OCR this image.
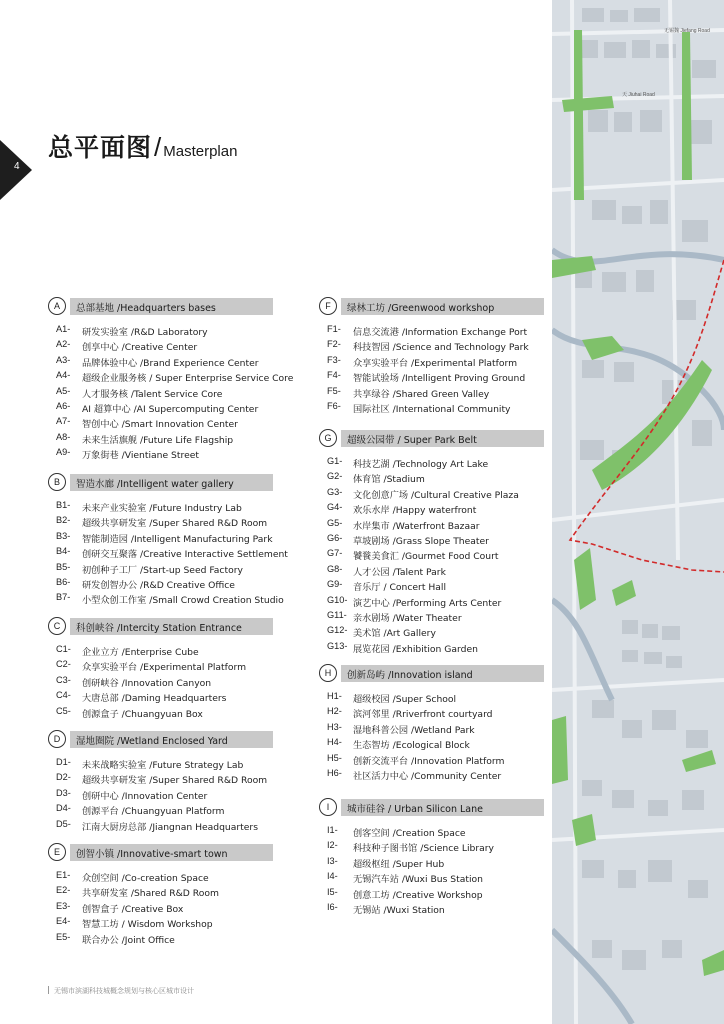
4
总平面图/ Masterplan
A	总部基地 /Headquarters bases
A1-	研发实验室 /R&D Laboratory
A2-	创享中心 /Creative Center
A3-	品牌体验中心 /Brand Experience Center
A4-	超级企业服务核 / Super Enterprise Service Core
A5-	人才服务核 /Talent Service Core
A6-	AI 超算中心 /AI Supercomputing Center
A7-	智创中心 /Smart Innovation Center
A8-	未来生活旗舰 /Future Life Flagship
A9-	万象街巷 /Vientiane Street
B	智造水廊 /Intelligent water gallery
B1-	未来产业实验室 /Future Industry Lab
B2-	超级共享研发室 /Super Shared R&D Room
B3-	智能制造园 /Intelligent Manufacturing Park
B4-	创研交互聚落 /Creative Interactive Settlement
B5-	初创种子工厂 /Start-up Seed Factory
B6-	研发创智办公 /R&D Creative Office
B7-	小型众创工作室 /Small Crowd Creation Studio
C	科创峡谷 /Intercity Station Entrance
C1-	企业立方 /Enterprise Cube
C2-	众享实验平台 /Experimental Platform
C3-	创研峡谷 /Innovation Canyon
C4-	大唐总部 /Daming Headquarters
C5-	创源盒子 /Chuangyuan Box
D	湿地圈院 /Wetland Enclosed Yard
D1-	未来战略实验室 /Future Strategy Lab
D2-	超级共享研发室 /Super Shared R&D Room
D3-	创研中心 /Innovation Center
D4-	创源平台 /Chuangyuan Platform
D5-	江南大厨房总部 /Jiangnan Headquarters
E	创智小镇 /Innovative-smart town
E1-	众创空间 /Co-creation Space
E2-	共享研发室 /Shared R&D Room
E3-	创智盒子 /Creative Box
E4-	智慧工坊 / Wisdom Workshop
E5-	联合办公 /Joint Office
F	绿林工坊 /Greenwood workshop
F1-	信息交流港 /Information Exchange Port
F2-	科技智园 /Science and Technology Park
F3-	众享实验平台 /Experimental Platform
F4-	智能试验场 /Intelligent Proving Ground
F5-	共享绿谷 /Shared Green Valley
F6-	国际社区 /International Community
G	超级公园带 / Super Park Belt
G1-	科技艺湖 /Technology Art Lake
G2-	体育馆 /Stadium
G3-	文化创意广场 /Cultural Creative Plaza
G4-	欢乐水岸 /Happy waterfront
G5-	水岸集市 /Waterfront Bazaar
G6-	草坡剧场 /Grass Slope Theater
G7-	饕餮美食汇 /Gourmet Food Court
G8-	人才公园 /Talent Park
G9-	音乐厅 / Concert Hall
G10- 演艺中心 /Performing Arts Center
G11- 亲水剧场 /Water Theater
G12- 美术馆 /Art Gallery
G13- 展览花园 /Exhibition Garden
H	创新岛屿 /Innovation island
H1-	超级校园 /Super School
H2-	滨河邻里 /Rriverfront courtyard
H3-	湿地科普公园 /Wetland Park
H4-	生态智坊 /Ecological Block
H5-	创新交流平台 /Innovation Platform
H6-	社区活力中心 /Community Center
I	城市硅谷 / Urban Silicon Lane
I1-	创客空间 /Creation Space
I2-	科技种子图书馆 /Science Library
I3-	超级枢纽 /Super Hub
I4-	无锡汽车站 /Wuxi Bus Station
I5-	创意工坊 /Creative Workshop
I6-	无锡站 /Wuxi Station
无锡市滨湖科技城概念规划与核心区城市设计
无锡魏 Jiefang Road
天 Jiuhai Road
